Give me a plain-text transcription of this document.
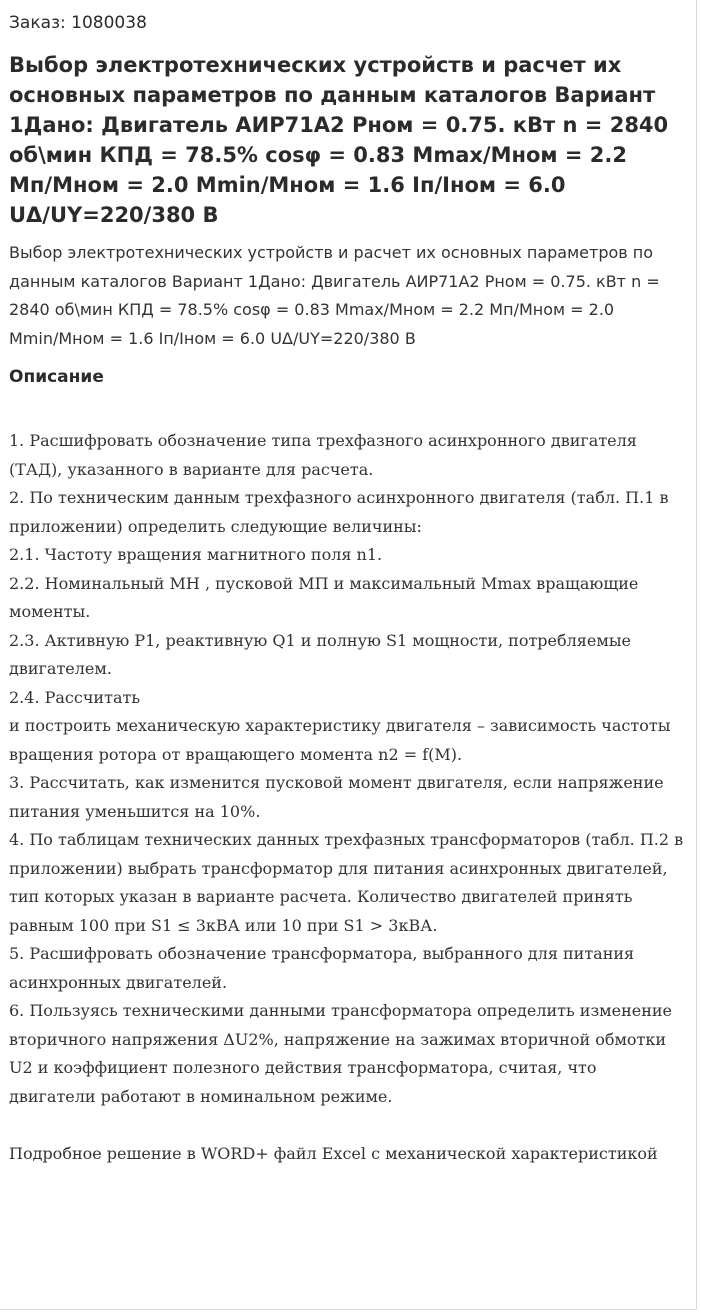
Заказ: 1080038
Выбор электротехнических устройств и расчет их основных параметров по данным каталогов Вариант 1Дано: Двигатель АИР71А2 Рном = 0.75. кВт n = 2840 об\мин КПД = 78.5% cosφ = 0.83 Mmax/Mном = 2.2 Mп/Mном = 2.0 Mmin/Mном = 1.6 Iп/Iном = 6.0 UΔ/UY=220/380 В

Выбор электротехнических устройств и расчет их основных параметров по данным каталогов Вариант 1Дано: Двигатель АИР71А2 Рном = 0.75. кВт n = 2840 об\мин КПД = 78.5% cosφ = 0.83 Mmax/Mном = 2.2 Mп/Mном = 2.0 Mmin/Mном = 1.6 Iп/Iном = 6.0 UΔ/UY=220/380 В

Описание
1. Расшифровать обозначение типа трехфазного асинхронного двигателя (ТАД), указанного в варианте для расчета.
2. По техническим данным трехфазного асинхронного двигателя (табл. П.1 в приложении) определить следующие величины:
2.1. Частоту вращения магнитного поля n1.
2.2. Номинальный МН , пусковой МП и максимальный Мmax вращающие моменты.
2.3. Активную Р1, реактивную Q1 и полную S1 мощности, потребляемые двигателем.
2.4. Рассчитать
и построить механическую характеристику двигателя – зависимость частоты вращения ротора от вращающего момента n2 = f(M).
3. Рассчитать, как изменится пусковой момент двигателя, если напряжение питания уменьшится на 10%.
4. По таблицам технических данных трехфазных трансформаторов (табл. П.2 в приложении) выбрать трансформатор для питания асинхронных двигателей, тип которых указан в варианте расчета. Количество двигателей принять равным 100 при S1 ≤ 3кВА или 10 при S1 > 3кВА.
5. Расшифровать обозначение трансформатора, выбранного для питания асинхронных двигателей.
6. Пользуясь техническими данными трансформатора определить изменение вторичного напряжения ΔU2%, напряжение на зажимах вторичной обмотки U2 и коэффициент полезного действия трансформатора, считая, что двигатели работают в номинальном режиме.
Подробное решение в WORD+ файл Excel с механической характеристикой
